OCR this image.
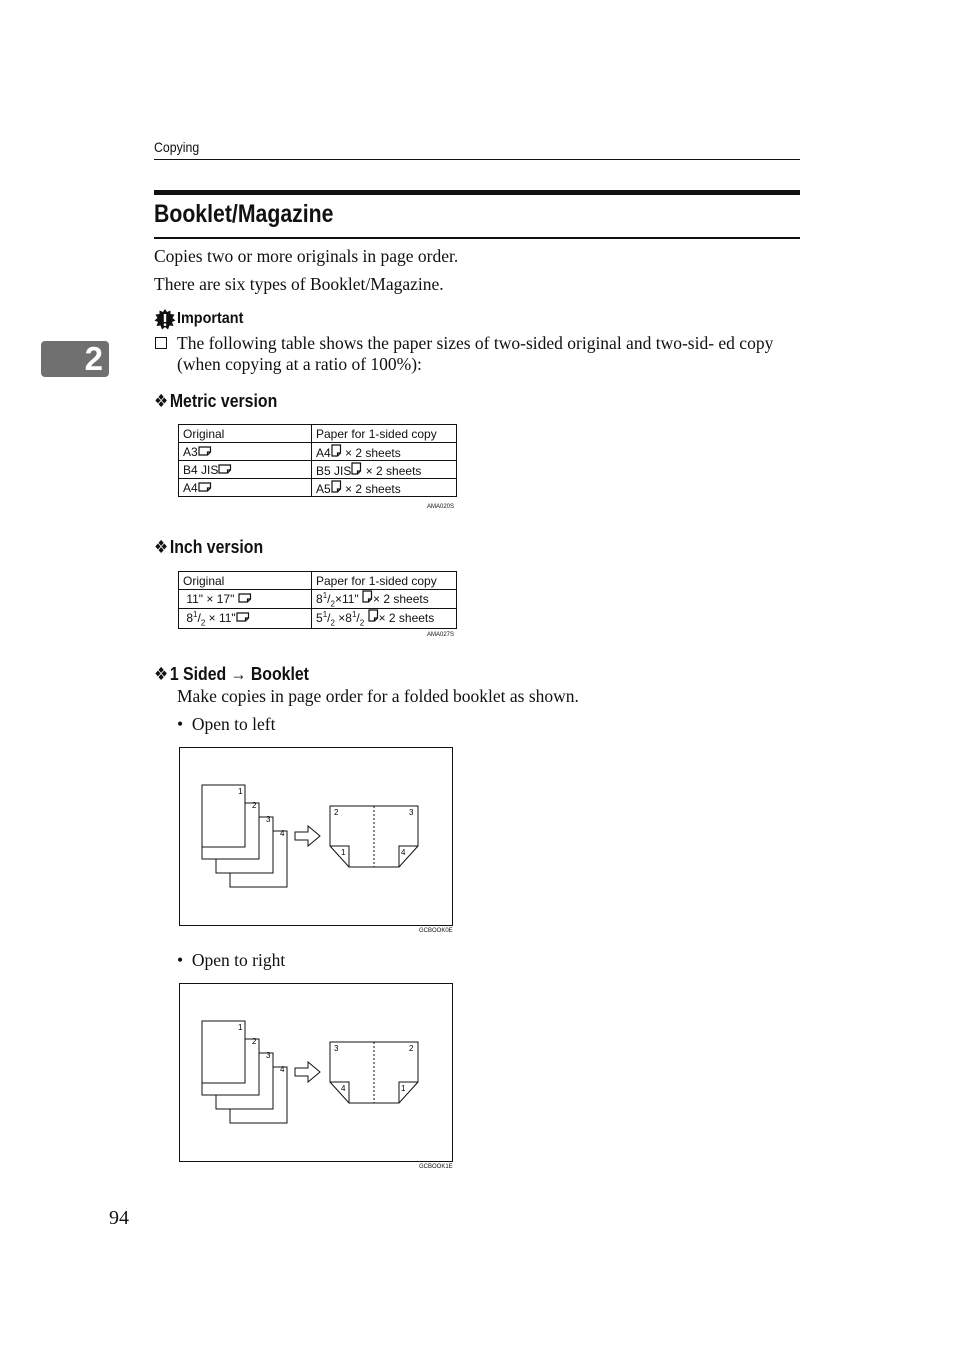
Copying
Booklet/Magazine
2
Copies two or more originals in page order.
There are six types of Booklet/Magazine.
Important
The following table shows the paper sizes of two-sided original and two-sid- ed copy (when copying at a ratio of 100%):
❖Metric version
Original	Paper for 1-sided copy
A3	A4 × 2 sheets
B4 JIS	B5 JIS × 2 sheets
A4	A5 × 2 sheets
AMA020S
❖Inch version
Original	Paper for 1-sided copy
11" × 17"	$8^1/_2\times 11$" × 2 sheets
$8^1/_2 \times 11$"	$5^1/_2 \times 8^1/_2 \times 2$ sheets
AMA027S
❖1 Sided → Booklet
Make copies in page order for a folded booklet as shown.
•  Open to left
1
2
3
4
2	3
1	4
GCBOOK0E
•  Open to right
1
2
3
4
3	2
4	1
GCBOOK1E
94
